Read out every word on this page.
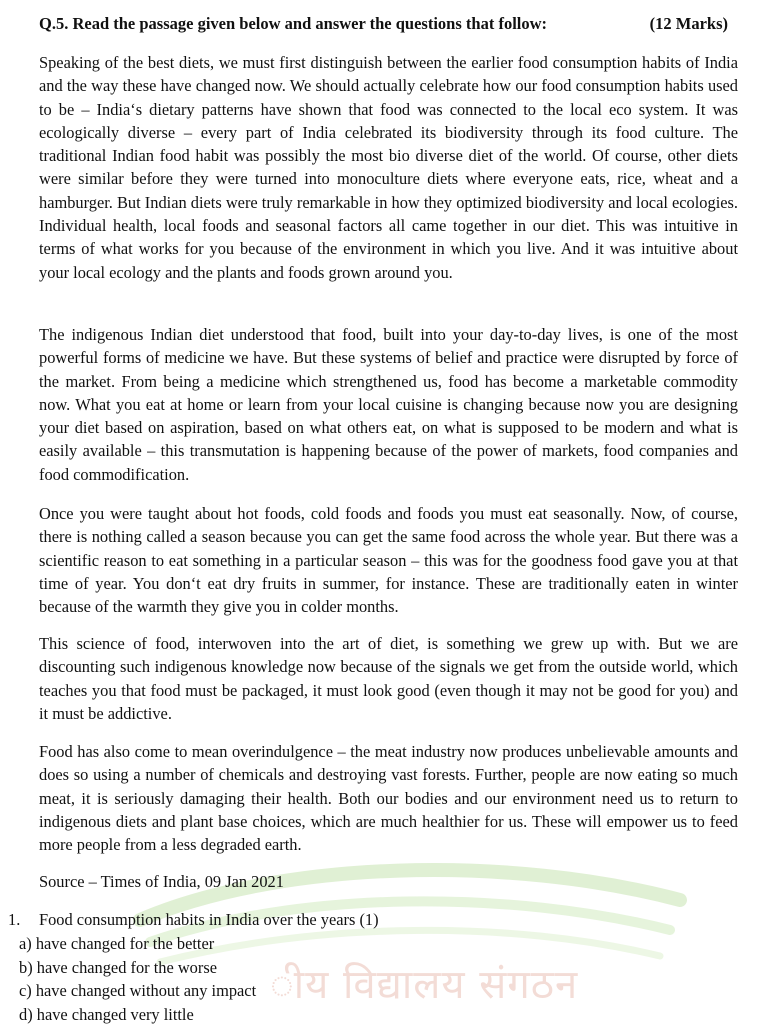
ीय विद्यालय संगठन
Q.5. Read the passage given below and answer the questions that follow:	(12 Marks)

Speaking of the best diets, we must first distinguish between the earlier food consumption habits of India and the way these have changed now. We should actually celebrate how our food consumption habits used to be – India‘s dietary patterns have shown that food was connected to the local eco system. It was ecologically diverse – every part of India celebrated its biodiversity through its food culture. The traditional Indian food habit was possibly the most bio diverse diet of the world. Of course, other diets were similar before they were turned into monoculture diets where everyone eats, rice, wheat and a hamburger. But Indian diets were truly remarkable in how they optimized biodiversity and local ecologies. Individual health, local foods and seasonal factors all came together in our diet. This was intuitive in terms of what works for you because of the environment in which you live. And it was intuitive about your local ecology and the plants and foods grown around you.

The indigenous Indian diet understood that food, built into your day-to-day lives, is one of the most powerful forms of medicine we have. But these systems of belief and practice were disrupted by force of the market. From being a medicine which strengthened us, food has become a marketable commodity now. What you eat at home or learn from your local cuisine is changing because now you are designing your diet based on aspiration, based on what others eat, on what is supposed to be modern and what is easily available – this transmutation is happening because of the power of markets, food companies and food commodification.

Once you were taught about hot foods, cold foods and foods you must eat seasonally. Now, of course, there is nothing called a season because you can get the same food across the whole year. But there was a scientific reason to eat something in a particular season – this was for the goodness food gave you at that time of year. You don‘t eat dry fruits in summer, for instance. These are traditionally eaten in winter because of the warmth they give you in colder months.

This science of food, interwoven into the art of diet, is something we grew up with. But we are discounting such indigenous knowledge now because of the signals we get from the outside world, which teaches you that food must be packaged, it must look good (even though it may not be good for you) and it must be addictive.

Food has also come to mean overindulgence – the meat industry now produces unbelievable amounts and does so using a number of chemicals and destroying vast forests. Further, people are now eating so much meat, it is seriously damaging their health. Both our bodies and our environment need us to return to indigenous diets and plant base choices, which are much healthier for us. These will empower us to feed more people from a less degraded earth.

Source – Times of India, 09 Jan 2021
1. Food consumption habits in India over the years (1)
a) have changed for the better
b) have changed for the worse
c) have changed without any impact
d) have changed very little
